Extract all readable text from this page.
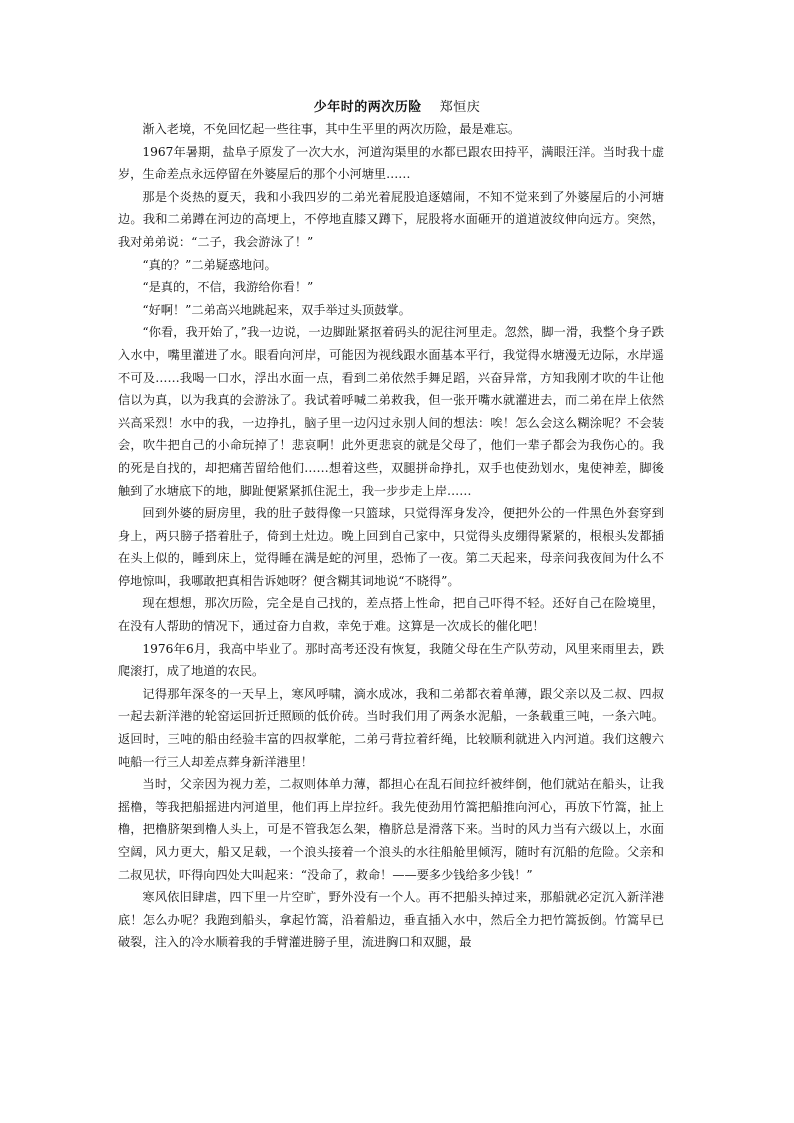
少年时的两次历险 郑恒庆

渐入老境，不免回忆起一些往事，其中生平里的两次历险，最是难忘。

1967年暑期，盐阜子原发了一次大水，河道沟渠里的水都已跟农田持平，满眼汪洋。当时我十虚岁，生命差点永远停留在外婆屋后的那个小河塘里……

那是个炎热的夏天，我和小我四岁的二弟光着屁股追逐嬉闹，不知不觉来到了外婆屋后的小河塘边。我和二弟蹲在河边的高埂上，不停地直膝又蹲下，屁股将水面砸开的道道波纹伸向远方。突然，我对弟弟说：“二子，我会游泳了！”

“真的？”二弟疑惑地问。

“是真的，不信，我游给你看！”

“好啊！”二弟高兴地跳起来，双手举过头顶鼓掌。

“你看，我开始了，”我一边说，一边脚趾紧抠着码头的泥往河里走。忽然，脚一滑，我整个身子跌入水中，嘴里灌进了水。眼看向河岸，可能因为视线跟水面基本平行，我觉得水塘漫无边际，水岸遥不可及……我喝一口水，浮出水面一点，看到二弟依然手舞足蹈，兴奋异常，方知我刚才吹的牛让他信以为真，以为我真的会游泳了。我试着呼喊二弟救我，但一张开嘴水就灌进去，而二弟在岸上依然兴高采烈！水中的我，一边挣扎，脑子里一边闪过永别人间的想法：唉！怎么会这么糊涂呢？不会装会，吹牛把自己的小命玩掉了！悲哀啊！此外更悲哀的就是父母了，他们一辈子都会为我伤心的。我的死是自找的，却把痛苦留给他们……想着这些，双腿拼命挣扎，双手也使劲划水，鬼使神差，脚後触到了水塘底下的地，脚趾便紧紧抓住泥土，我一步步走上岸……

回到外婆的厨房里，我的肚子鼓得像一只篮球，只觉得浑身发冷，便把外公的一件黑色外套穿到身上，两只膀子搭着肚子，倚到土灶边。晚上回到自己家中，只觉得头皮绷得紧紧的，根根头发都插在头上似的，睡到床上，觉得睡在满是蛇的河里，恐怖了一夜。第二天起来，母亲问我夜间为什么不停地惊叫，我哪敢把真相告诉她呀？便含糊其词地说“不晓得”。

现在想想，那次历险，完全是自己找的，差点搭上性命，把自己吓得不轻。还好自己在险境里，在没有人帮助的情况下，通过奋力自救，幸免于难。这算是一次成长的催化吧！

1976年6月，我高中毕业了。那时高考还没有恢复，我随父母在生产队劳动，风里来雨里去，跌爬滚打，成了地道的农民。

记得那年深冬的一天早上，寒风呼啸，滴水成冰，我和二弟都衣着单薄，跟父亲以及二叔、四叔一起去新洋港的轮窑运回折迁照顾的低价砖。当时我们用了两条水泥船，一条载重三吨，一条六吨。返回时，三吨的船由经验丰富的四叔掌舵，二弟弓背拉着纤绳，比较顺利就进入内河道。我们这艘六吨船一行三人却差点葬身新洋港里！

当时，父亲因为视力差，二叔则体单力薄，都担心在乱石间拉纤被绊倒，他们就站在船头，让我摇橹，等我把船摇进内河道里，他们再上岸拉纤。我先使劲用竹篙把船推向河心，再放下竹篙，扯上橹，把橹脐架到橹人头上，可是不管我怎么架，橹脐总是滑落下来。当时的风力当有六级以上，水面空阔，风力更大，船又足载，一个浪头接着一个浪头的水往船舱里倾泻，随时有沉船的危险。父亲和二叔见状，吓得向四处大叫起来：“没命了，救命！——要多少钱给多少钱！”

寒风依旧肆虐，四下里一片空旷，野外没有一个人。再不把船头掉过来，那船就必定沉入新洋港底！怎么办呢？我跑到船头，拿起竹篙，沿着船边，垂直插入水中，然后全力把竹篙扳倒。竹篙早已破裂，注入的冷水顺着我的手臂灌进膀子里，流进胸口和双腿，最
